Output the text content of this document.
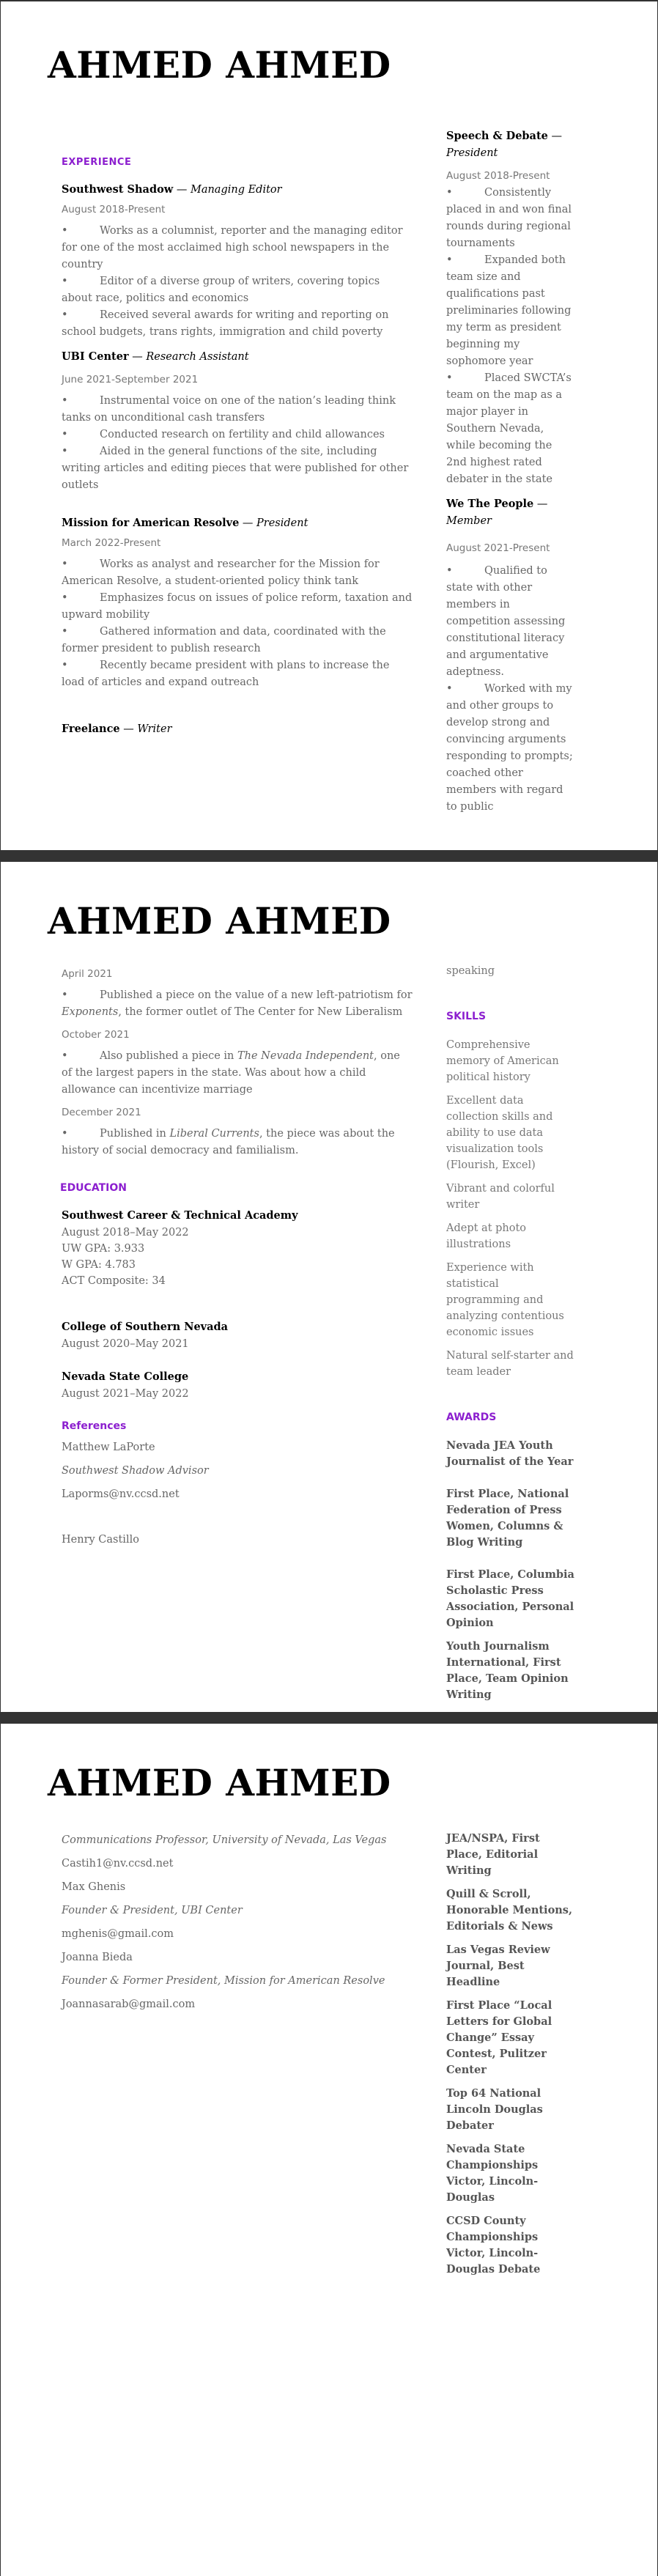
AHMED AHMED
EXPERIENCE
Southwest Shadow — Managing Editor
August 2018-Present
•	Works as a columnist, reporter and the managing editor for one of the most acclaimed high school newspapers in the country
•	Editor of a diverse group of writers, covering topics about race, politics and economics
•	Received several awards for writing and reporting on school budgets, trans rights, immigration and child poverty
UBI Center — Research Assistant
June 2021-September 2021
•	Instrumental voice on one of the nation’s leading think tanks on unconditional cash transfers
•	Conducted research on fertility and child allowances
•	Aided in the general functions of the site, including writing articles and editing pieces that were published for other outlets
Mission for American Resolve — President
March 2022-Present
•	Works as analyst and researcher for the Mission for American Resolve, a student-oriented policy think tank
•	Emphasizes focus on issues of police reform, taxation and upward mobility
•	Gathered information and data, coordinated with the former president to publish research
•	Recently became president with plans to increase the load of articles and expand outreach
Freelance — Writer
Speech & Debate —
President
August 2018-Present
•	Consistently placed in and won final rounds during regional tournaments
•	Expanded both team size and qualifications past preliminaries following my term as president beginning my sophomore year
•	Placed SWCTA’s team on the map as a major player in Southern Nevada, while becoming the 2nd highest rated debater in the state
We The People — Member
August 2021-Present
•	Qualified to state with other members in competition assessing constitutional literacy and argumentative adeptness.
•	Worked with my and other groups to develop strong and convincing arguments responding to prompts; coached other members with regard to public
AHMED AHMED
April 2021
•	Published a piece on the value of a new left-patriotism for Exponents, the former outlet of The Center for New Liberalism
October 2021
•	Also published a piece in The Nevada Independent, one of the largest papers in the state. Was about how a child allowance can incentivize marriage
December 2021
•	Published in Liberal Currents, the piece was about the history of social democracy and familialism.
EDUCATION
Southwest Career & Technical Academy
August 2018–May 2022
UW GPA: 3.933
W GPA: 4.783
ACT Composite: 34
College of Southern Nevada
August 2020–May 2021
Nevada State College
August 2021–May 2022
References
Matthew LaPorte
Southwest Shadow Advisor
Laporms@nv.ccsd.net
Henry Castillo
speaking
SKILLS
Comprehensive memory of American political history
Excellent data collection skills and ability to use data visualization tools (Flourish, Excel)
Vibrant and colorful writer
Adept at photo illustrations
Experience with statistical programming and analyzing contentious economic issues
Natural self-starter and team leader
AWARDS
Nevada JEA Youth Journalist of the Year
First Place, National Federation of Press Women, Columns & Blog Writing
First Place, Columbia Scholastic Press Association, Personal Opinion
Youth Journalism International, First Place, Team Opinion Writing
AHMED AHMED
Communications Professor, University of Nevada, Las Vegas
Castih1@nv.ccsd.net
Max Ghenis
Founder & President, UBI Center
mghenis@gmail.com
Joanna Bieda
Founder & Former President, Mission for American Resolve
Joannasarab@gmail.com
JEA/NSPA, First Place, Editorial Writing
Quill & Scroll, Honorable Mentions, Editorials & News
Las Vegas Review Journal, Best Headline
First Place “Local Letters for Global Change” Essay Contest, Pulitzer Center
Top 64 National Lincoln Douglas Debater
Nevada State Championships Victor, Lincoln-Douglas
CCSD County Championships Victor, Lincoln-Douglas Debate
